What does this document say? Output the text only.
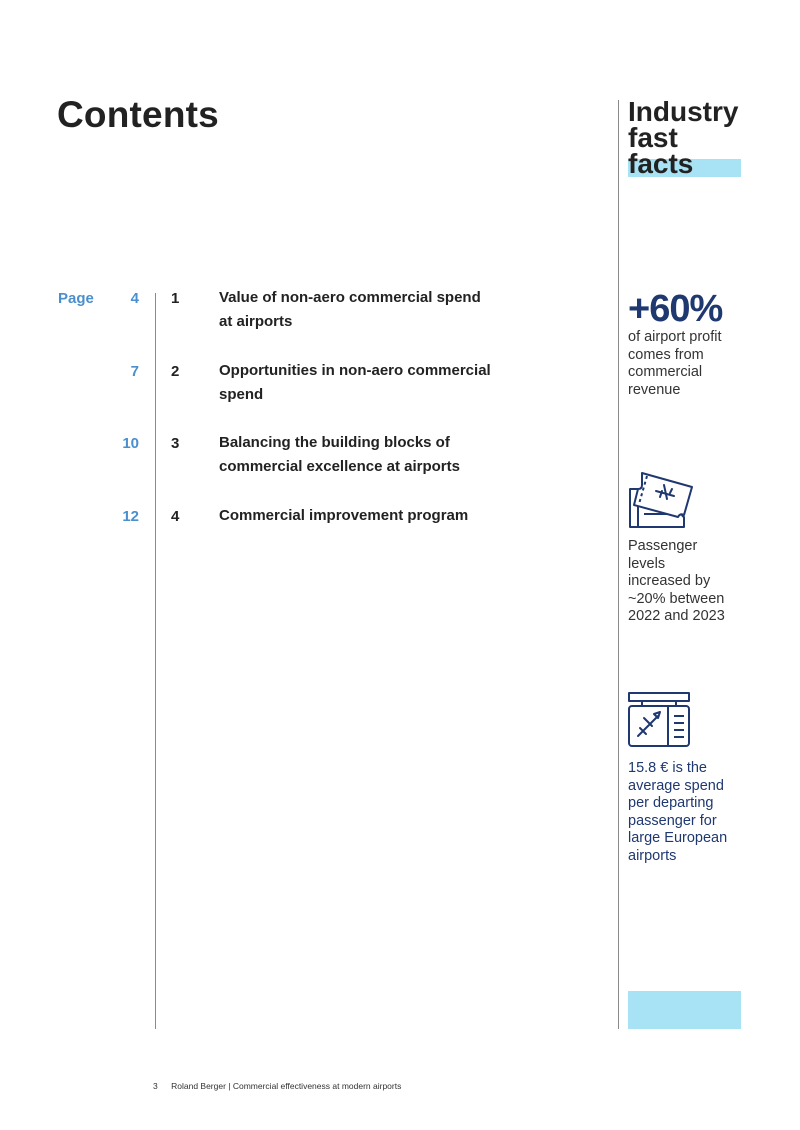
Contents
Page	4 1	Value of non-aero commercial spend
at airports
7 2	Opportunities in non-aero commercial
spend
10 3	Balancing the building blocks of
commercial excellence at airports
12 4	Commercial improvement program
Industry
fast
facts
+60%
of airport profit
comes from
commercial
revenue
Passenger
levels
increased by
~20% between
2022 and 2023
15.8 € is the
average spend
per departing
passenger for
large European
airports
3 Roland Berger | Commercial effectiveness at modern airports
